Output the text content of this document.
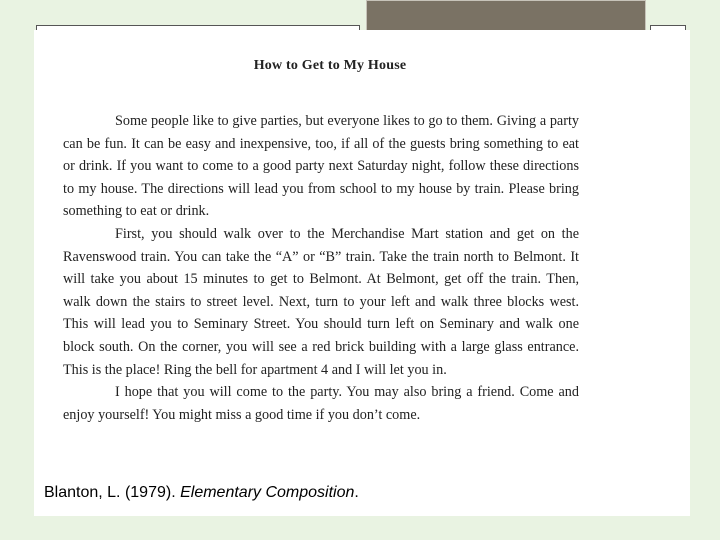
How to Get to My House

Some people like to give parties, but everyone likes to go to them. Giving a party can be fun. It can be easy and inexpensive, too, if all of the guests bring something to eat or drink. If you want to come to a good party next Saturday night, follow these directions to my house. The directions will lead you from school to my house by train. Please bring something to eat or drink.

First, you should walk over to the Merchandise Mart station and get on the Ravenswood train. You can take the “A” or “B” train. Take the train north to Belmont. It will take you about 15 minutes to get to Belmont. At Belmont, get off the train. Then, walk down the stairs to street level. Next, turn to your left and walk three blocks west. This will lead you to Seminary Street. You should turn left on Seminary and walk one block south. On the corner, you will see a red brick building with a large glass entrance. This is the place! Ring the bell for apartment 4 and I will let you in.

I hope that you will come to the party. You may also bring a friend. Come and enjoy yourself! You might miss a good time if you don’t come.

Blanton, L. (1979). Elementary Composition.
